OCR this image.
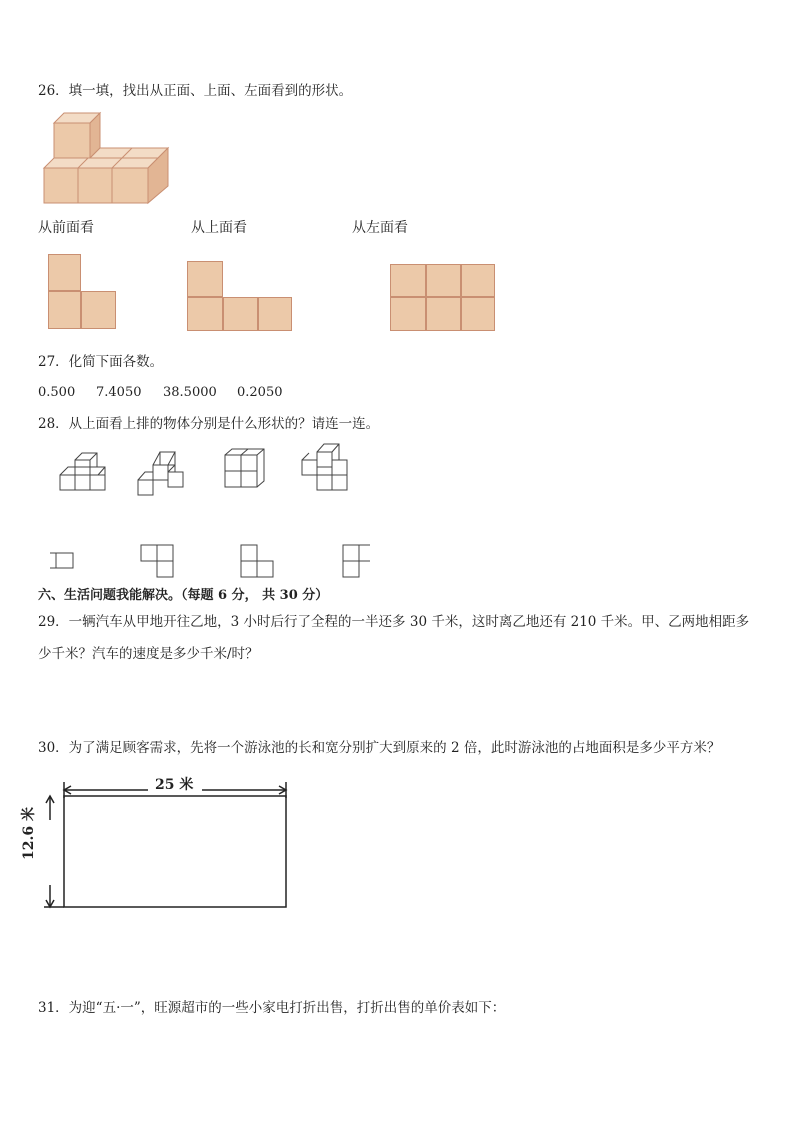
26．填一填，找出从正面、上面、左面看到的形状。
从前面看	从上面看	从左面看
27．化简下面各数。
0.500 7.4050 38.5000 0.2050
28．从上面看上排的物体分别是什么形状的？请连一连。
六、生活问题我能解决。（每题 6 分， 共 30 分）
29．一辆汽车从甲地开往乙地，3 小时后行了全程的一半还多 30 千米，这时离乙地还有 210 千米。甲、乙两地相距多
少千米？汽车的速度是多少千米/时？
30．为了满足顾客需求，先将一个游泳池的长和宽分别扩大到原来的 2 倍，此时游泳池的占地面积是多少平方米？
25 米
12.6 米
31．为迎“五·一”，旺源超市的一些小家电打折出售，打折出售的单价表如下：
